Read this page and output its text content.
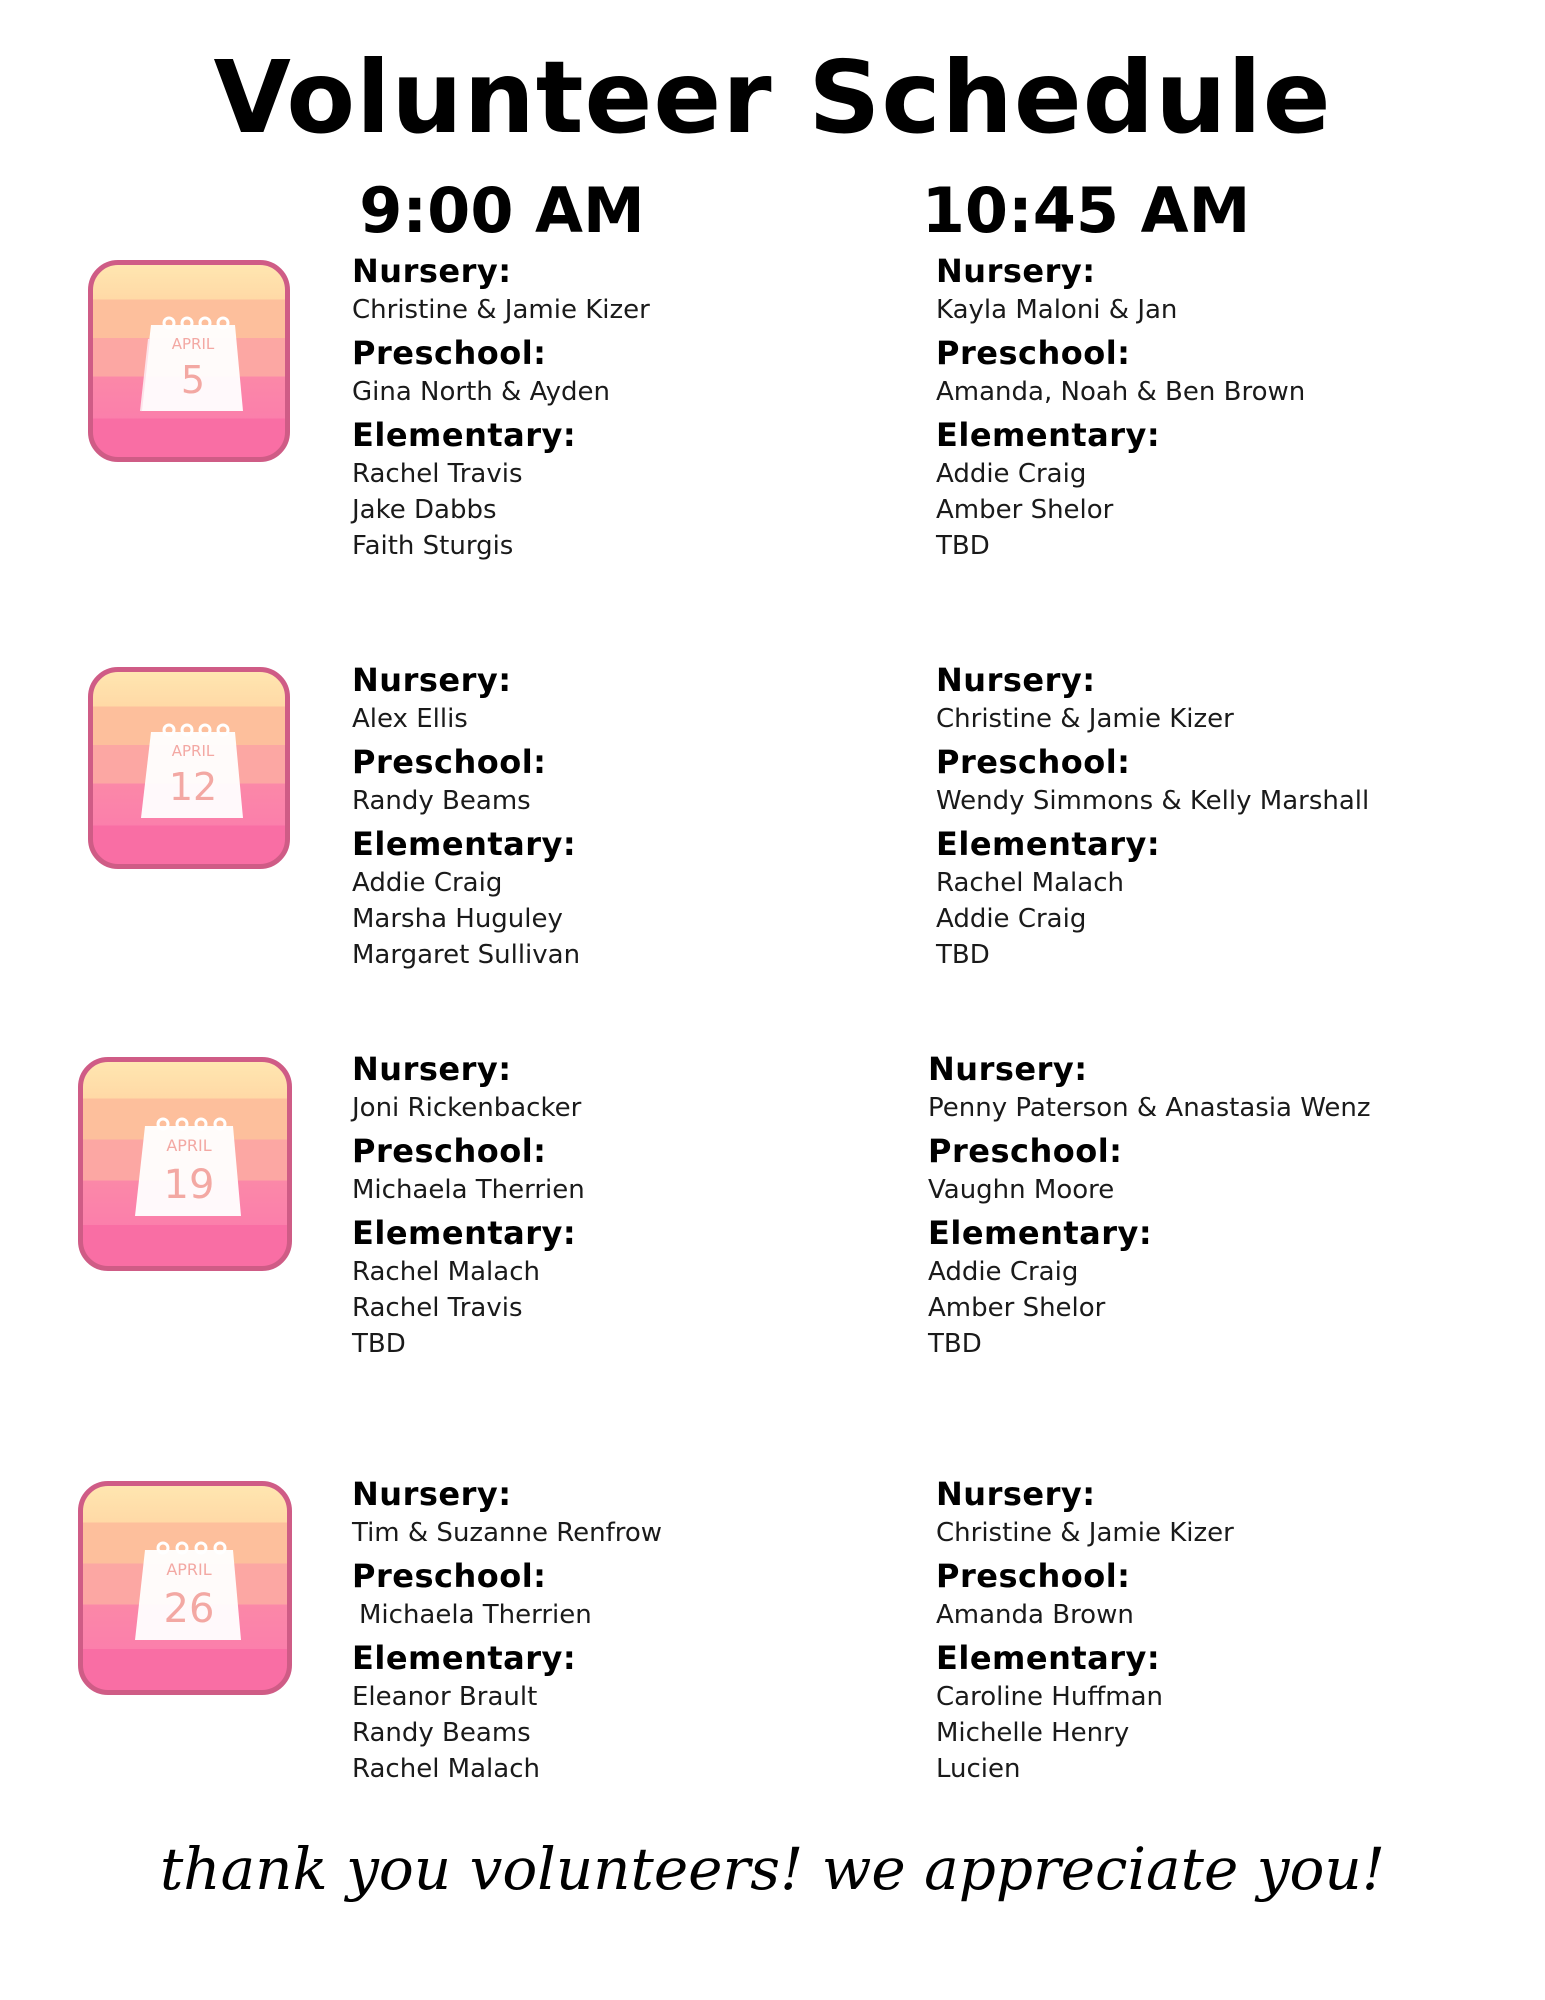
Volunteer Schedule
9:00 AM	10:45 AM
APRIL
5
Nursery:
Christine & Jamie Kizer
Preschool:
Gina North & Ayden
Elementary:
Rachel Travis
Jake Dabbs
Faith Sturgis
Nursery:
Kayla Maloni & Jan
Preschool:
Amanda, Noah & Ben Brown
Elementary:
Addie Craig
Amber Shelor
TBD
APRIL
12
Nursery:
Alex Ellis
Preschool:
Randy Beams
Elementary:
Addie Craig
Marsha Huguley
Margaret Sullivan
Nursery:
Christine & Jamie Kizer
Preschool:
Wendy Simmons & Kelly Marshall
Elementary:
Rachel Malach
Addie Craig
TBD
APRIL
19
Nursery:
Joni Rickenbacker
Preschool:
Michaela Therrien
Elementary:
Rachel Malach
Rachel Travis
TBD
Nursery:
Penny Paterson & Anastasia Wenz
Preschool:
Vaughn Moore
Elementary:
Addie Craig
Amber Shelor
TBD
APRIL
26
Nursery:
Tim & Suzanne Renfrow
Preschool:
Michaela Therrien
Elementary:
Eleanor Brault
Randy Beams
Rachel Malach
Nursery:
Christine & Jamie Kizer
Preschool:
Amanda Brown
Elementary:
Caroline Huffman
Michelle Henry
Lucien
thank you volunteers! we appreciate you!
